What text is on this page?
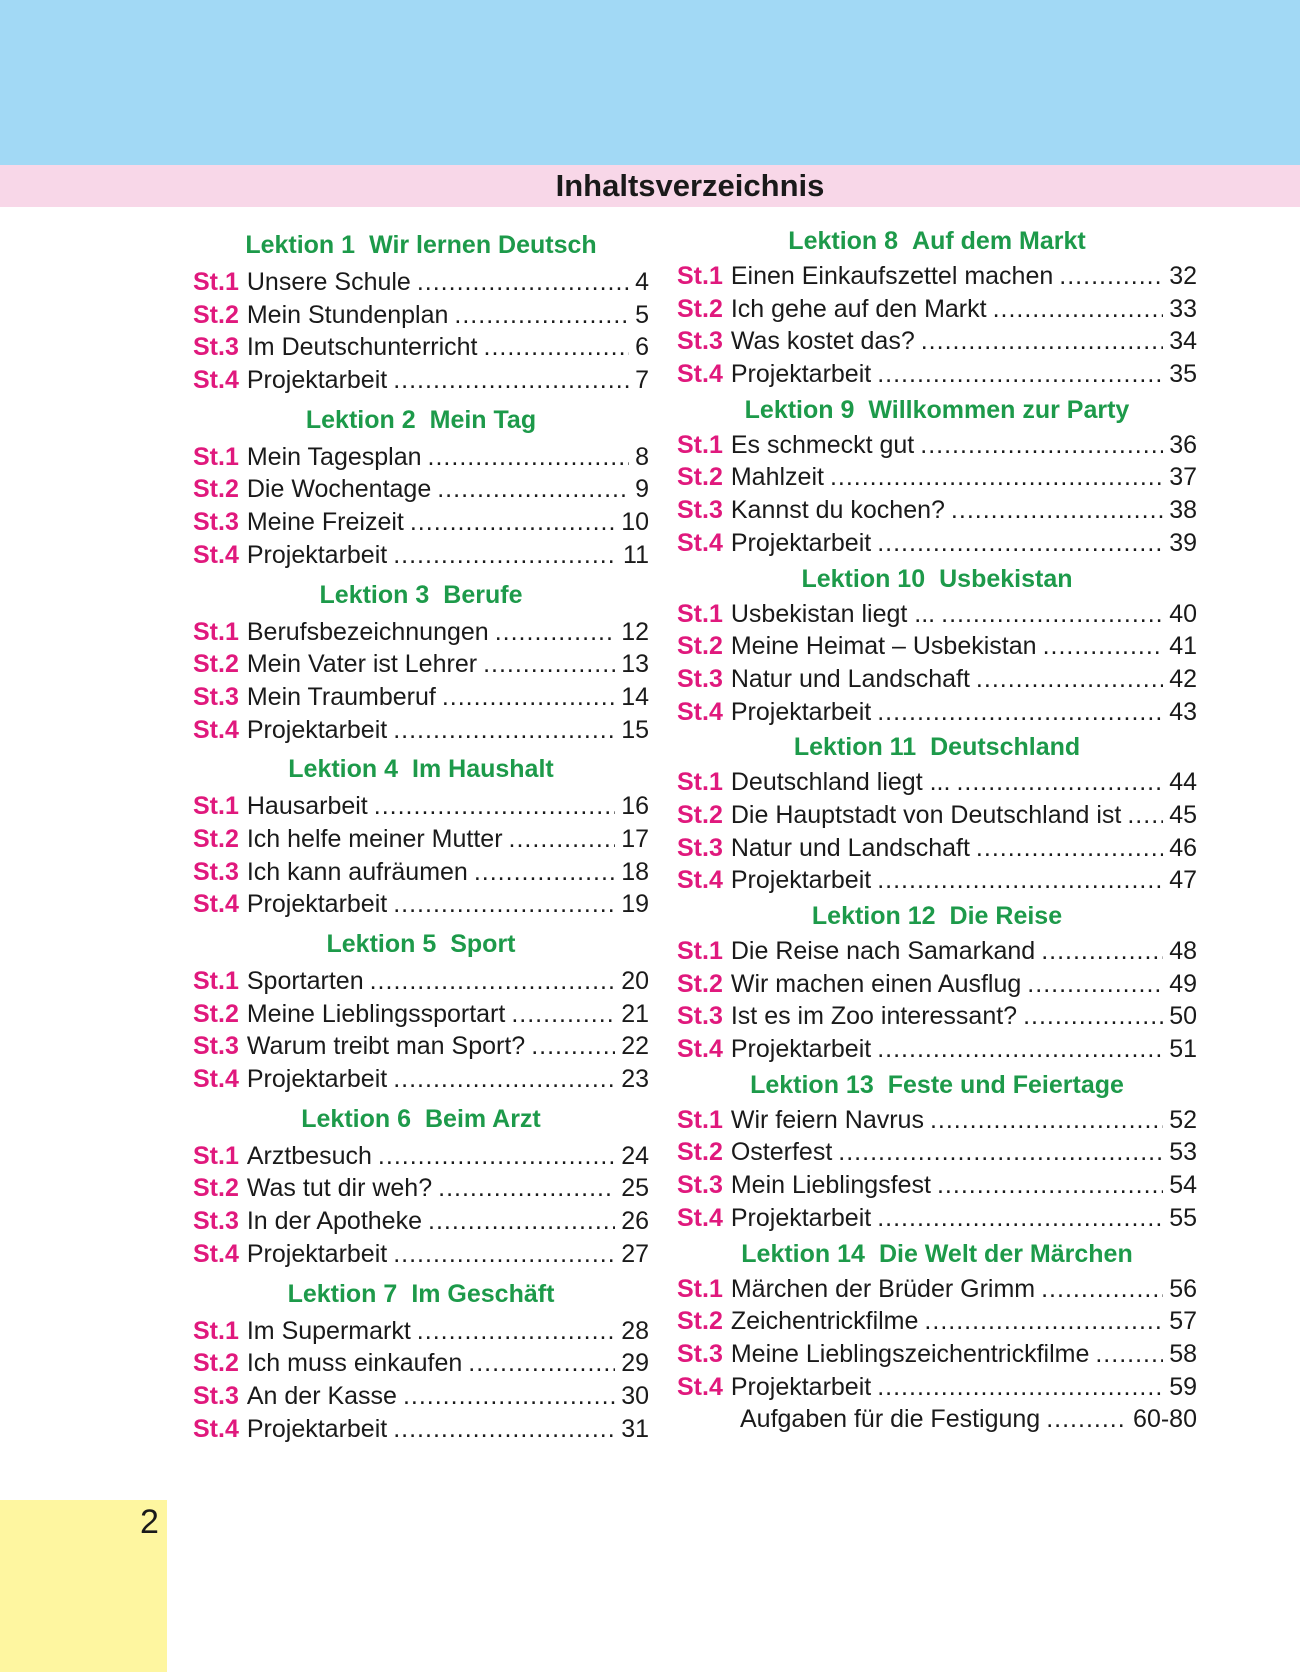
Inhaltsverzeichnis
Lektion 1 Wir lernen Deutsch
St.1 Unsere Schule .....	4
St.2 Mein Stundenplan .....	5
St.3 Im Deutschunterricht .....	6
St.4 Projektarbeit .....	7
Lektion 2 Mein Tag
St.1 Mein Tagesplan .....	8
St.2 Die Wochentage .....	9
St.3 Meine Freizeit .....	10
St.4 Projektarbeit .....	11
Lektion 3 Berufe
St.1 Berufsbezeichnungen .....	12
St.2 Mein Vater ist Lehrer .....	13
St.3 Mein Traumberuf .....	14
St.4 Projektarbeit .....	15
Lektion 4 Im Haushalt
St.1 Hausarbeit .....	16
St.2 Ich helfe meiner Mutter .....	17
St.3 Ich kann aufräumen .....	18
St.4 Projektarbeit .....	19
Lektion 5 Sport
St.1 Sportarten .....	20
St.2 Meine Lieblingssportart .....	21
St.3 Warum treibt man Sport? .....	22
St.4 Projektarbeit .....	23
Lektion 6 Beim Arzt
St.1 Arztbesuch .....	24
St.2 Was tut dir weh? .....	25
St.3 In der Apotheke .....	26
St.4 Projektarbeit .....	27
Lektion 7 Im Geschäft
St.1 Im Supermarkt .....	28
St.2 Ich muss einkaufen .....	29
St.3 An der Kasse .....	30
St.4 Projektarbeit .....	31
Lektion 8 Auf dem Markt
St.1 Einen Einkaufszettel machen .....	32
St.2 Ich gehe auf den Markt .....	33
St.3 Was kostet das? .....	34
St.4 Projektarbeit .....	35
Lektion 9 Willkommen zur Party
St.1 Es schmeckt gut .....	36
St.2 Mahlzeit .....	37
St.3 Kannst du kochen? .....	38
St.4 Projektarbeit .....	39
Lektion 10 Usbekistan
St.1 Usbekistan liegt ... .....	40
St.2 Meine Heimat – Usbekistan .....	41
St.3 Natur und Landschaft .....	42
St.4 Projektarbeit .....	43
Lektion 11 Deutschland
St.1 Deutschland liegt ... .....	44
St.2 Die Hauptstadt von Deutschland ist ..... 45
St.3 Natur und Landschaft .....	46
St.4 Projektarbeit .....	47
Lektion 12 Die Reise
St.1 Die Reise nach Samarkand .....	48
St.2 Wir machen einen Ausflug .....	49
St.3 Ist es im Zoo interessant? .....	50
St.4 Projektarbeit .....	51
Lektion 13 Feste und Feiertage
St.1 Wir feiern Navrus .....	52
St.2 Osterfest .....	53
St.3 Mein Lieblingsfest .....	54
St.4 Projektarbeit .....	55
Lektion 14 Die Welt der Märchen
St.1 Märchen der Brüder Grimm .....	56
St.2 Zeichentrickfilme .....	57
St.3 Meine Lieblingszeichentrickfilme .....	58
St.4 Projektarbeit .....	59
Aufgaben für die Festigung .....	60-80
2
